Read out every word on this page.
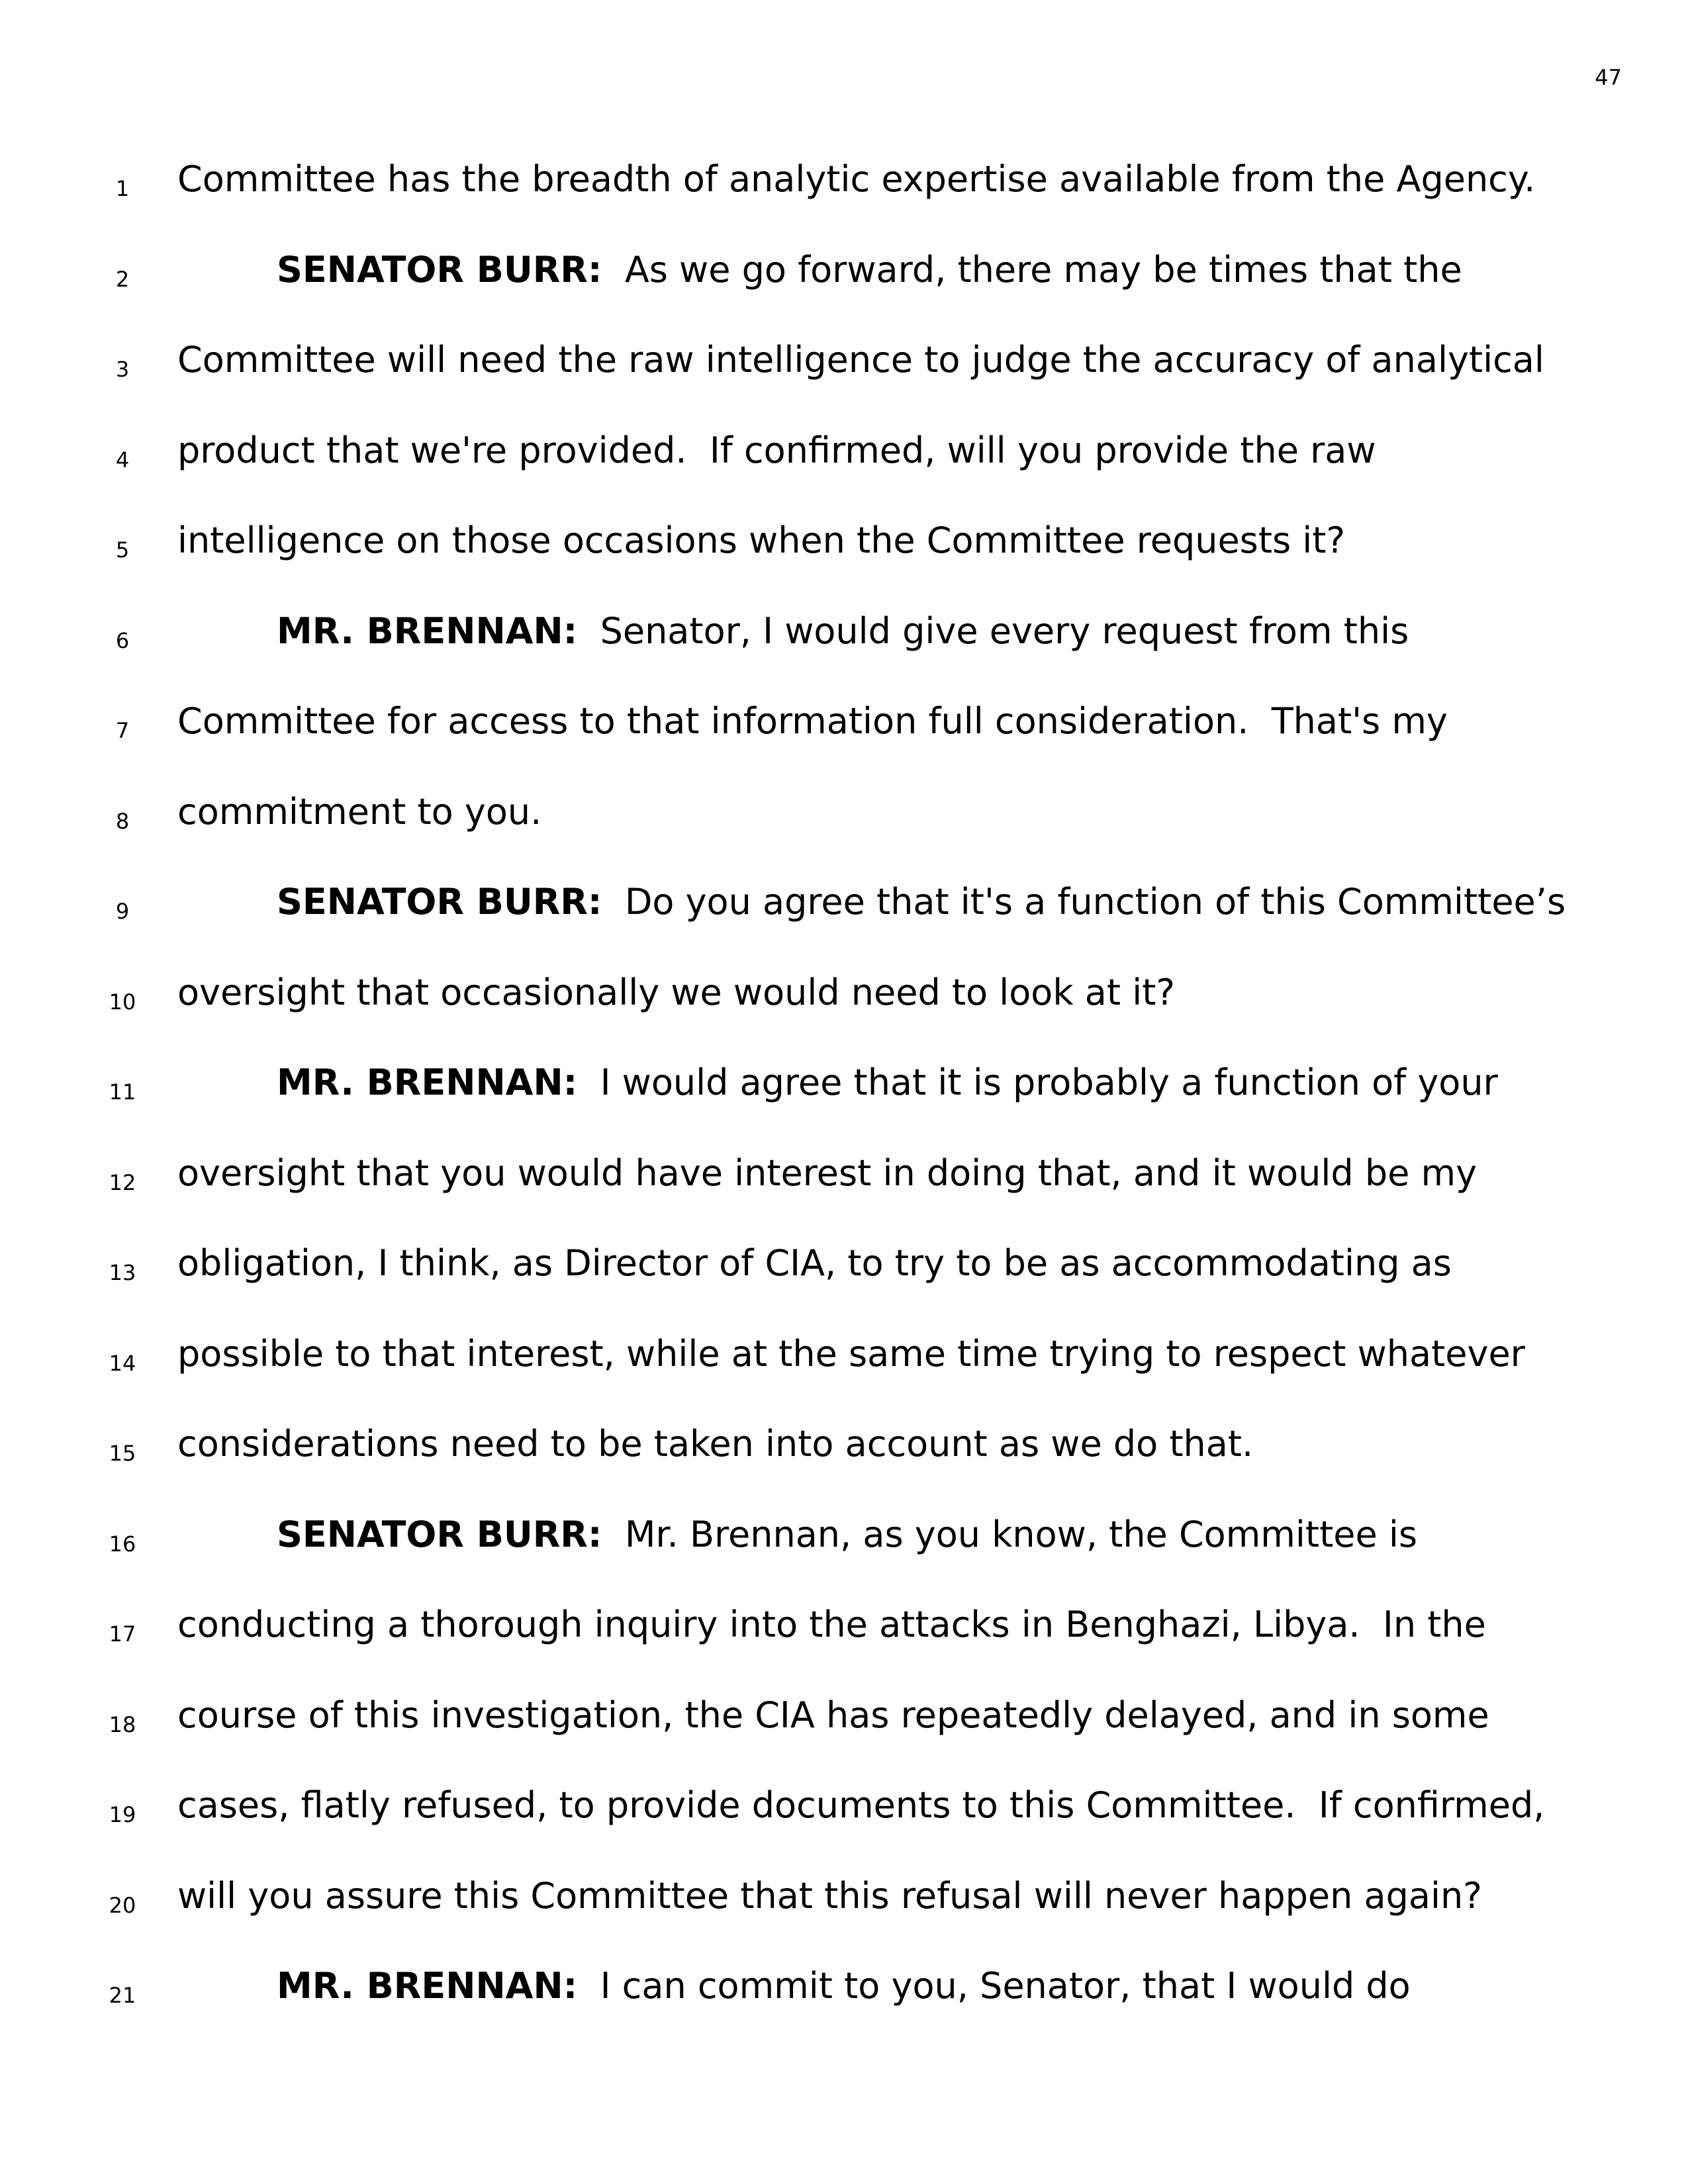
47
1 Committee has the breadth of analytic expertise available from the Agency.
2	SENATOR BURR: As we go forward, there may be times that the
3 Committee will need the raw intelligence to judge the accuracy of analytical
4 product that we're provided.  If confirmed, will you provide the raw
5 intelligence on those occasions when the Committee requests it?
6	MR. BRENNAN: Senator, I would give every request from this
7 Committee for access to that information full consideration.  That's my
8 commitment to you.
9	SENATOR BURR: Do you agree that it's a function of this Committee’s
10 oversight that occasionally we would need to look at it?
11	MR. BRENNAN: I would agree that it is probably a function of your
12 oversight that you would have interest in doing that, and it would be my
13 obligation, I think, as Director of CIA, to try to be as accommodating as
14 possible to that interest, while at the same time trying to respect whatever
15 considerations need to be taken into account as we do that.
16	SENATOR BURR: Mr. Brennan, as you know, the Committee is
17 conducting a thorough inquiry into the attacks in Benghazi, Libya.  In the
18 course of this investigation, the CIA has repeatedly delayed, and in some
19 cases, flatly refused, to provide documents to this Committee.  If confirmed,
20 will you assure this Committee that this refusal will never happen again?
21	MR. BRENNAN: I can commit to you, Senator, that I would do
